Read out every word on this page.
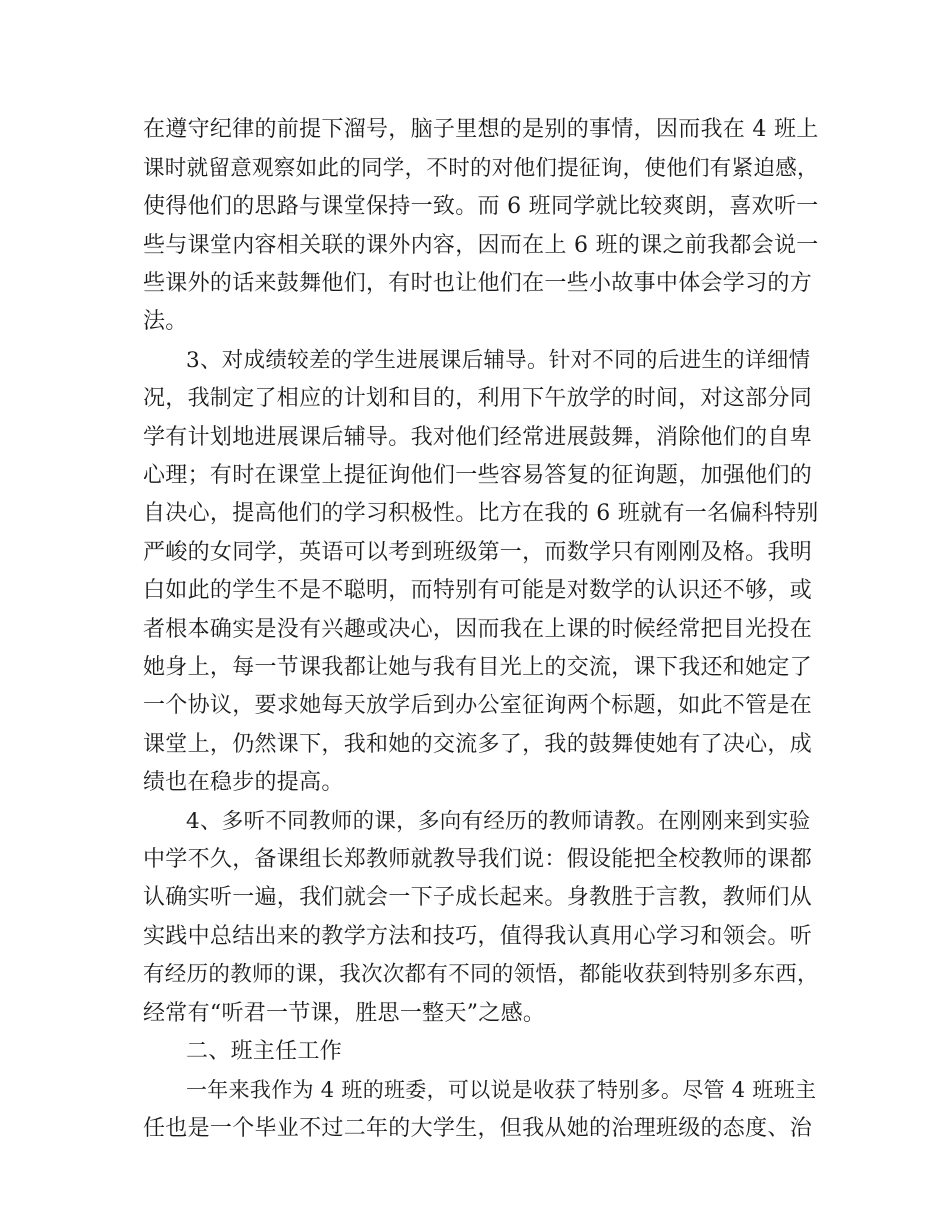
在遵守纪律的前提下溜号，脑子里想的是别的事情，因而我在 4 班上
课时就留意观察如此的同学，不时的对他们提征询，使他们有紧迫感，
使得他们的思路与课堂保持一致。而 6 班同学就比较爽朗，喜欢听一
些与课堂内容相关联的课外内容，因而在上 6 班的课之前我都会说一
些课外的话来鼓舞他们，有时也让他们在一些小故事中体会学习的方
法。
3、对成绩较差的学生进展课后辅导。针对不同的后进生的详细情
况，我制定了相应的计划和目的，利用下午放学的时间，对这部分同
学有计划地进展课后辅导。我对他们经常进展鼓舞，消除他们的自卑
心理；有时在课堂上提征询他们一些容易答复的征询题，加强他们的
自决心，提高他们的学习积极性。比方在我的 6 班就有一名偏科特别
严峻的女同学，英语可以考到班级第一，而数学只有刚刚及格。我明
白如此的学生不是不聪明，而特别有可能是对数学的认识还不够，或
者根本确实是没有兴趣或决心，因而我在上课的时候经常把目光投在
她身上，每一节课我都让她与我有目光上的交流，课下我还和她定了
一个协议，要求她每天放学后到办公室征询两个标题，如此不管是在
课堂上，仍然课下，我和她的交流多了，我的鼓舞使她有了决心，成
绩也在稳步的提高。
4、多听不同教师的课，多向有经历的教师请教。在刚刚来到实验
中学不久，备课组长郑教师就教导我们说：假设能把全校教师的课都
认确实听一遍，我们就会一下子成长起来。身教胜于言教，教师们从
实践中总结出来的教学方法和技巧，值得我认真用心学习和领会。听
有经历的教师的课，我次次都有不同的领悟，都能收获到特别多东西，
经常有“听君一节课，胜思一整天”之感。
二、班主任工作
一年来我作为 4 班的班委，可以说是收获了特别多。尽管 4 班班主
任也是一个毕业不过二年的大学生，但我从她的治理班级的态度、治
